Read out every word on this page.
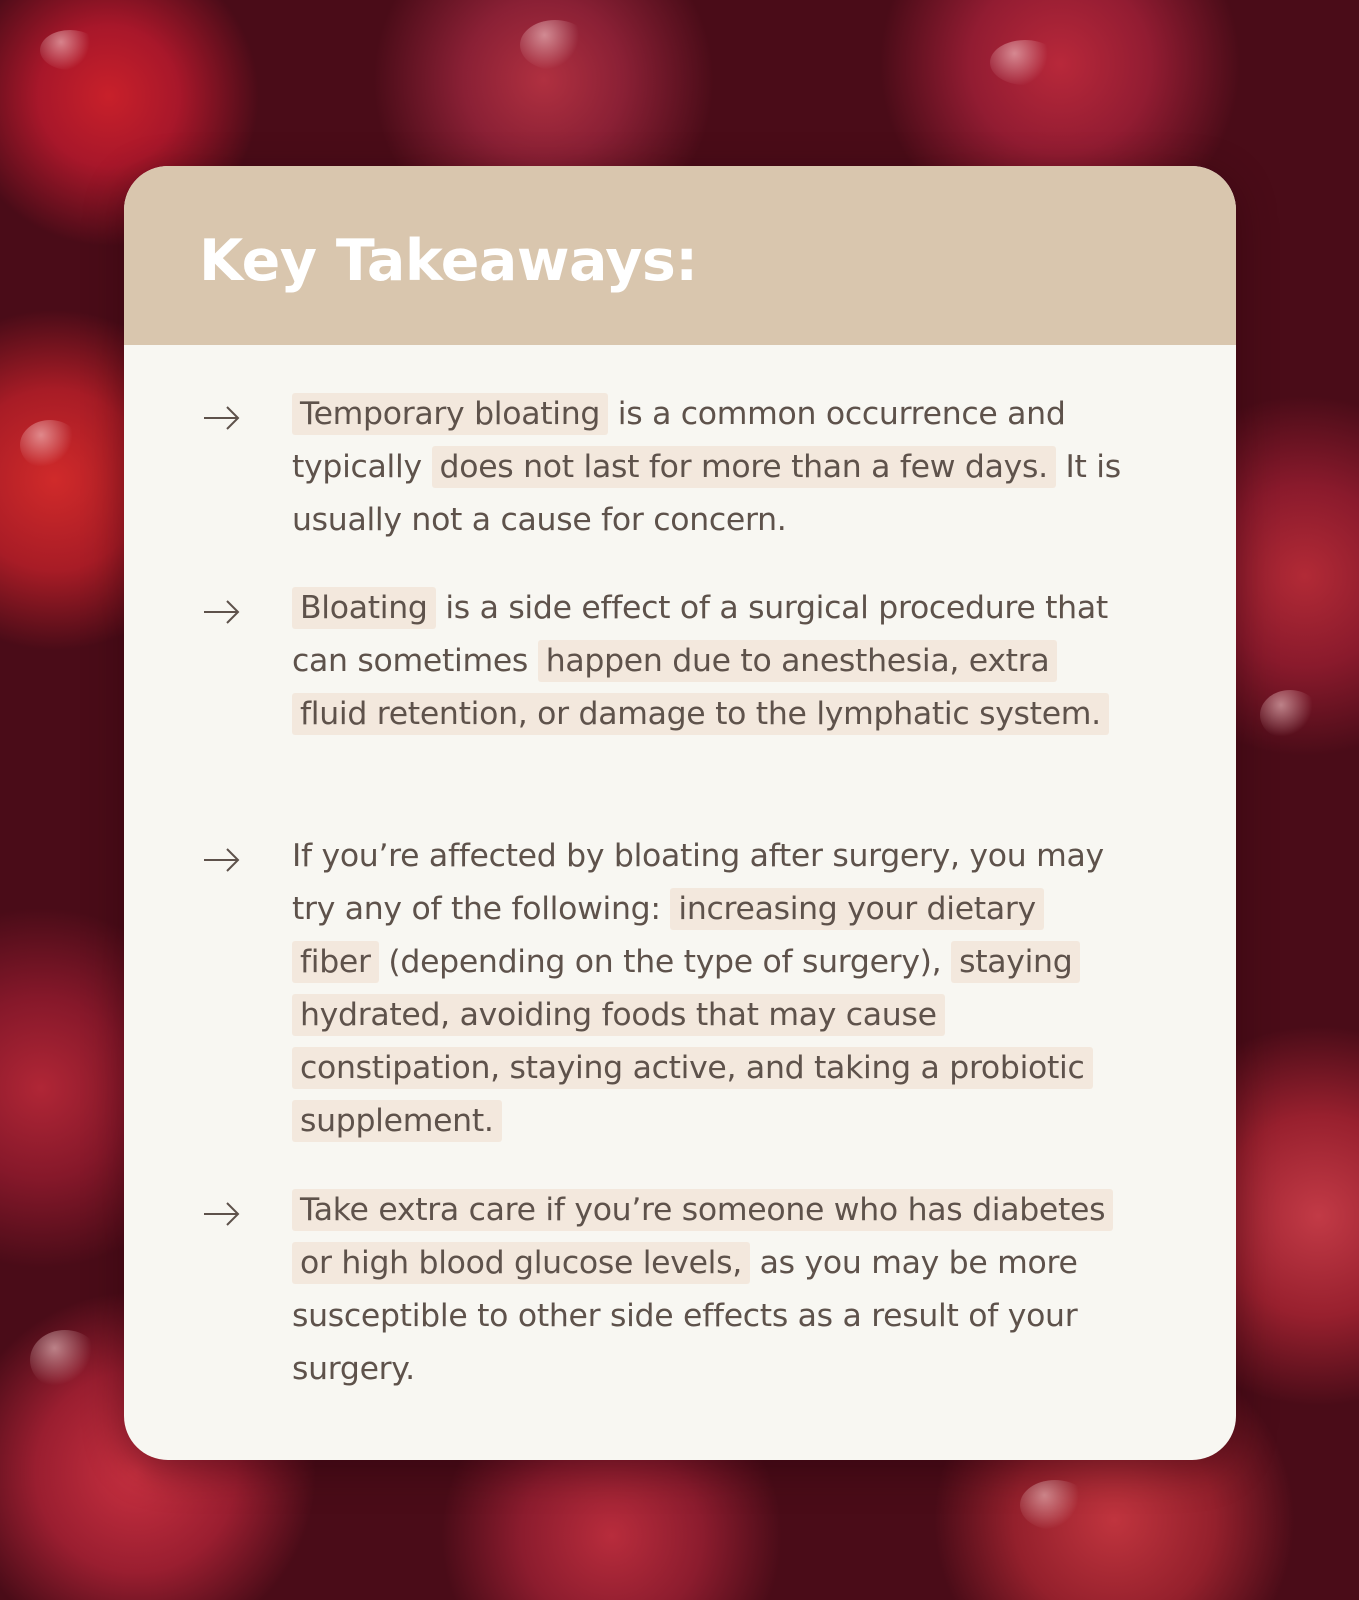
Key Takeaways:

Temporary bloating is a common occurrence and typically does not last for more than a few days. It is usually not a cause for concern.

Bloating is a side effect of a surgical procedure that can sometimes happen due to anesthesia, extra fluid retention, or damage to the lymphatic system.

If you’re affected by bloating after surgery, you may try any of the following: increasing your dietary fiber (depending on the type of surgery), staying hydrated, avoiding foods that may cause constipation, staying active, and taking a probiotic supplement.

Take extra care if you’re someone who has diabetes or high blood glucose levels, as you may be more susceptible to other side effects as a result of your surgery.
